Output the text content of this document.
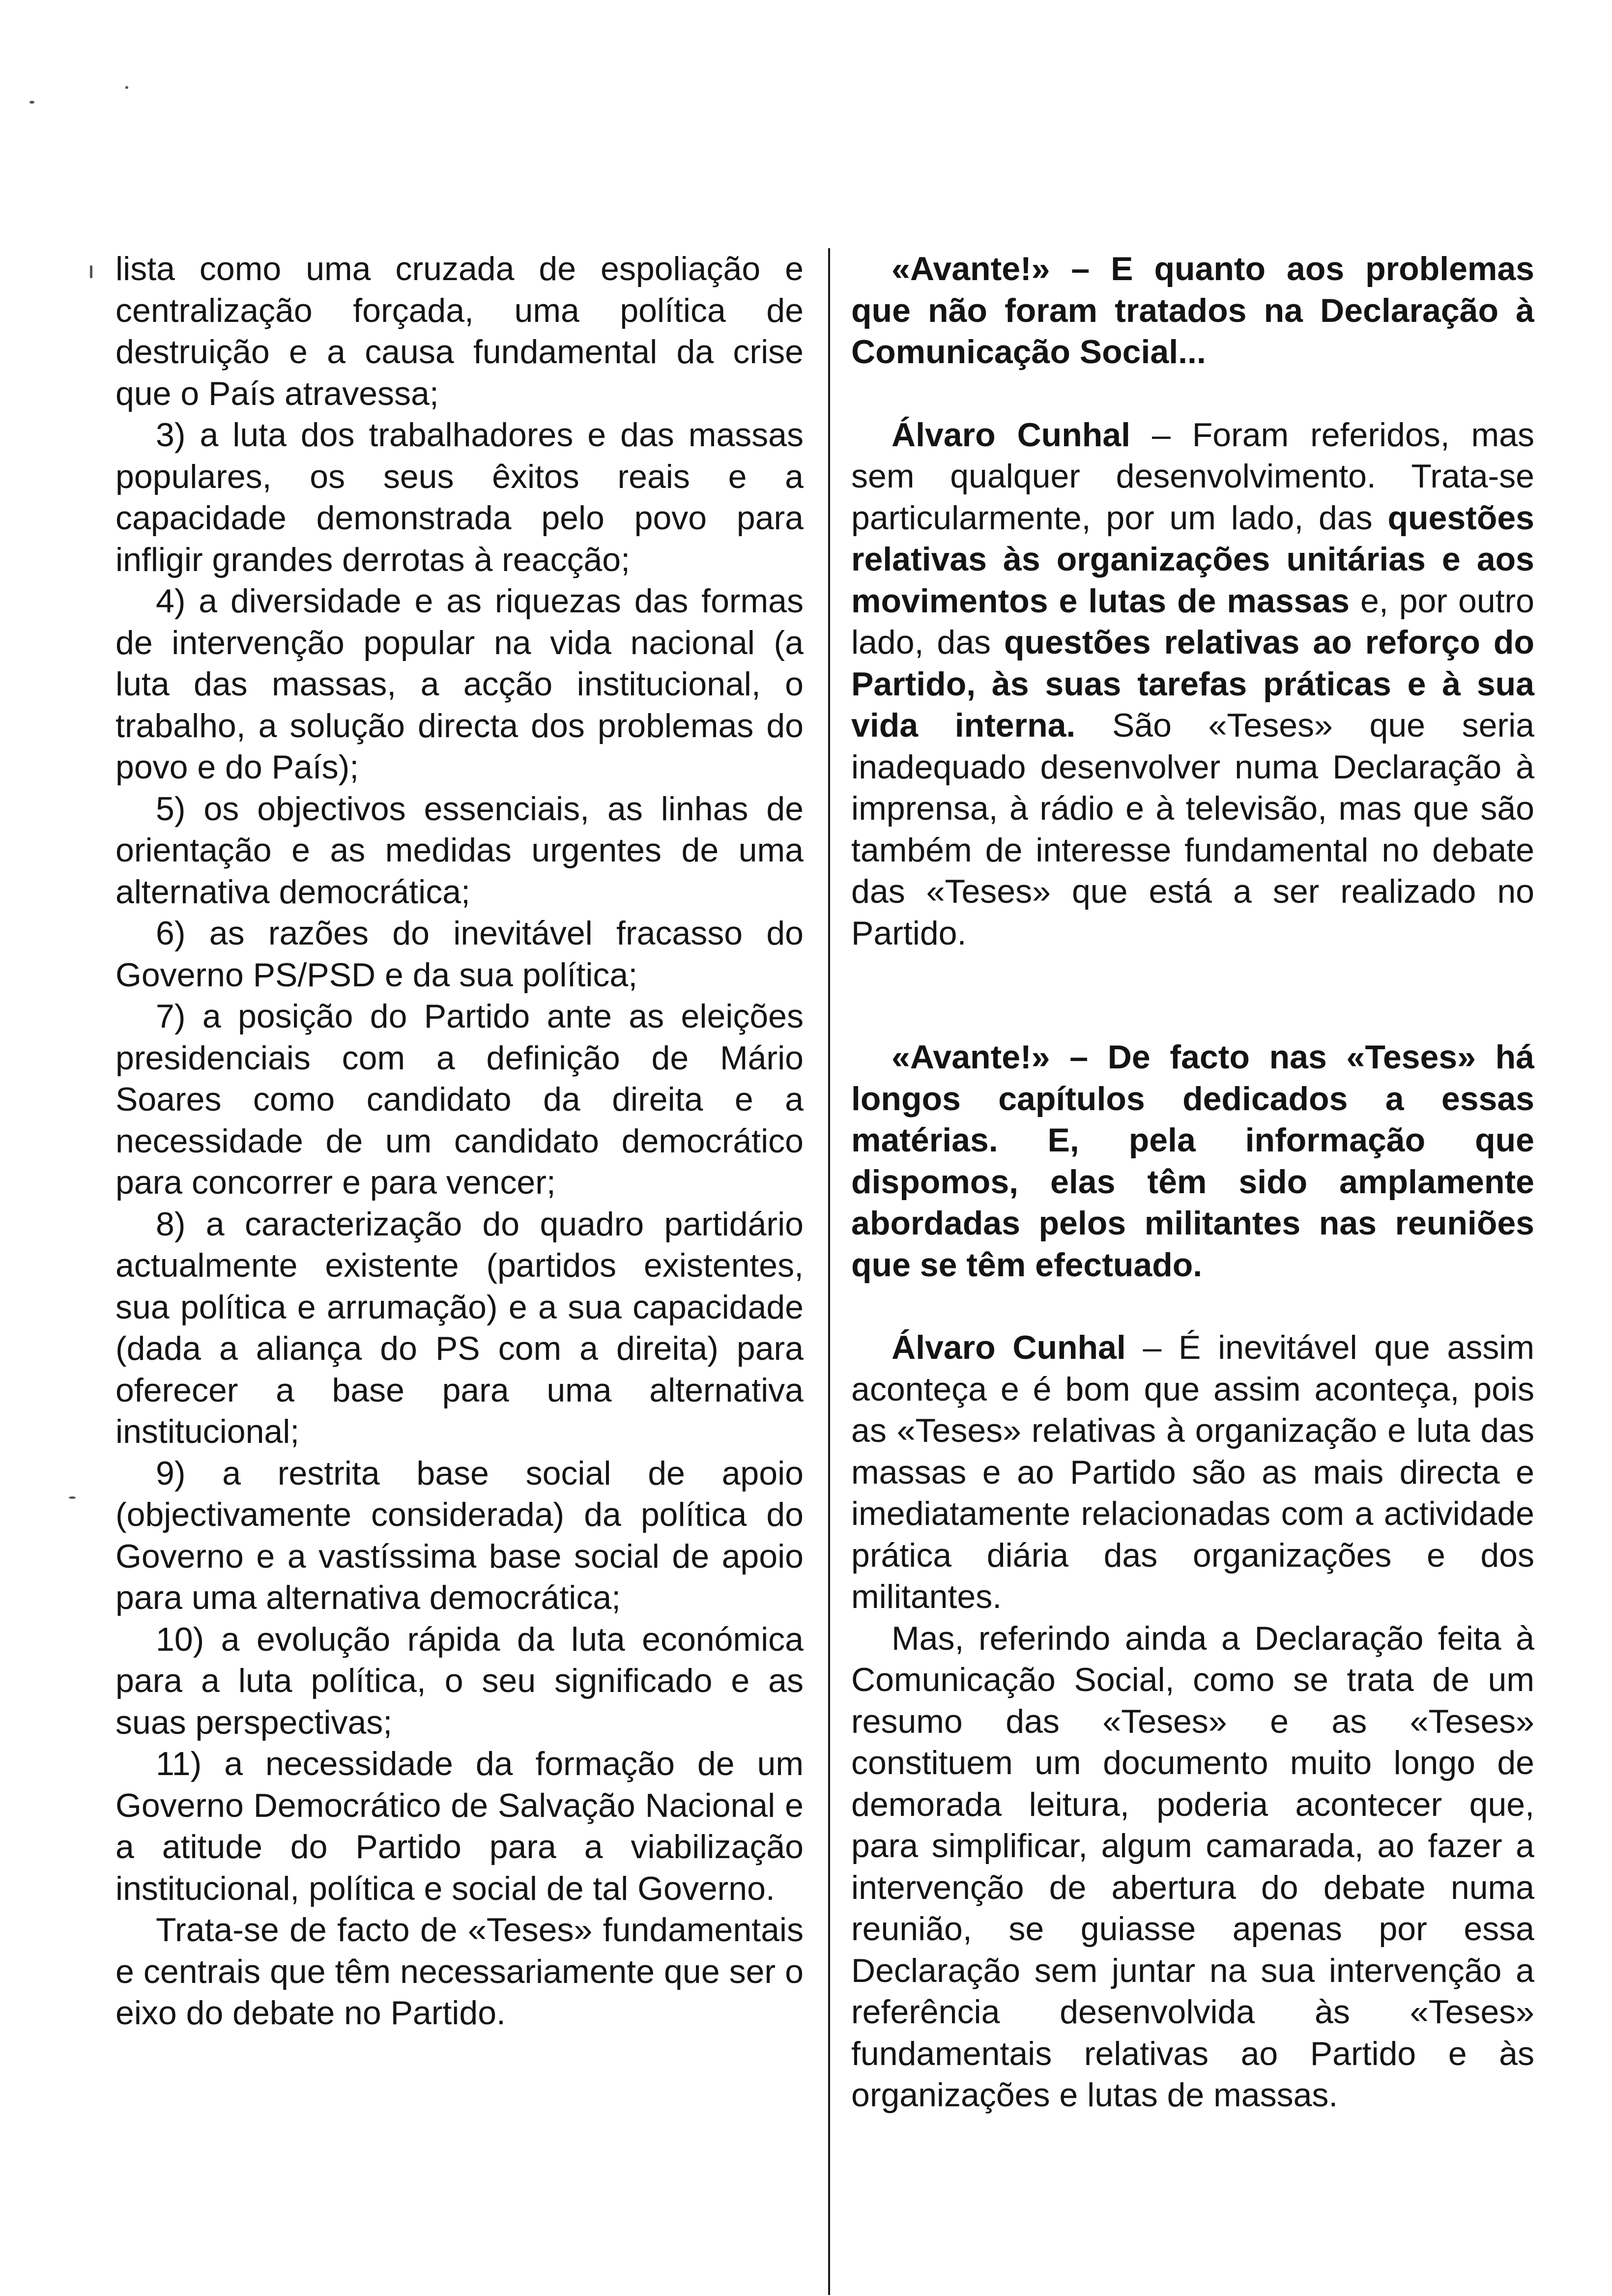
lista como uma cruzada de espoliação e centralização forçada, uma política de destruição e a causa fundamental da crise que o País atravessa;

3) a luta dos trabalhadores e das massas populares, os seus êxitos reais e a capacidade demonstrada pelo povo para infligir grandes derrotas à reacção;

4) a diversidade e as riquezas das formas de intervenção popular na vida nacional (a luta das massas, a acção institucional, o trabalho, a solução directa dos problemas do povo e do País);

5) os objectivos essenciais, as linhas de orientação e as medidas urgentes de uma alternativa democrática;

6) as razões do inevitável fracasso do Governo PS/PSD e da sua política;

7) a posição do Partido ante as eleições presidenciais com a definição de Mário Soares como candidato da direita e a necessidade de um candidato democrático para concorrer e para vencer;

8) a caracterização do quadro partidário actualmente existente (partidos existentes, sua política e arrumação) e a sua capacidade (dada a aliança do PS com a direita) para oferecer a base para uma alternativa institucional;

9) a restrita base social de apoio (objectivamente considerada) da política do Governo e a vastíssima base social de apoio para uma alternativa democrática;

10) a evolução rápida da luta económica para a luta política, o seu significado e as suas perspectivas;

11) a necessidade da formação de um Governo Democrático de Salvação Nacional e a atitude do Partido para a viabilização institucional, política e social de tal Governo.

Trata-se de facto de «Teses» fundamentais e centrais que têm necessariamente que ser o eixo do debate no Partido.

«Avante!» – E quanto aos problemas que não foram tratados na Declaração à Comunicação Social...

Álvaro Cunhal – Foram referidos, mas sem qualquer desenvolvimento. Trata-se particularmente, por um lado, das questões relativas às organizações unitárias e aos movimentos e lutas de massas e, por outro lado, das questões relativas ao reforço do Partido, às suas tarefas práticas e à sua vida interna. São «Teses» que seria inadequado desenvolver numa Declaração à imprensa, à rádio e à televisão, mas que são também de interesse fundamental no debate das «Teses» que está a ser realizado no Partido.

«Avante!» – De facto nas «Teses» há longos capítulos dedicados a essas matérias. E, pela informação que dispomos, elas têm sido amplamente abordadas pelos militantes nas reuniões que se têm efectuado.

Álvaro Cunhal – É inevitável que assim aconteça e é bom que assim aconteça, pois as «Teses» relativas à organização e luta das massas e ao Partido são as mais directa e imediatamente relacionadas com a actividade prática diária das organizações e dos militantes.

Mas, referindo ainda a Declaração feita à Comunicação Social, como se trata de um resumo das «Teses» e as «Teses» constituem um documento muito longo de demorada leitura, poderia acontecer que, para simplificar, algum camarada, ao fazer a intervenção de abertura do debate numa reunião, se guiasse apenas por essa Declaração sem juntar na sua intervenção a referência desenvolvida às «Teses» fundamentais relativas ao Partido e às organizações e lutas de massas.
